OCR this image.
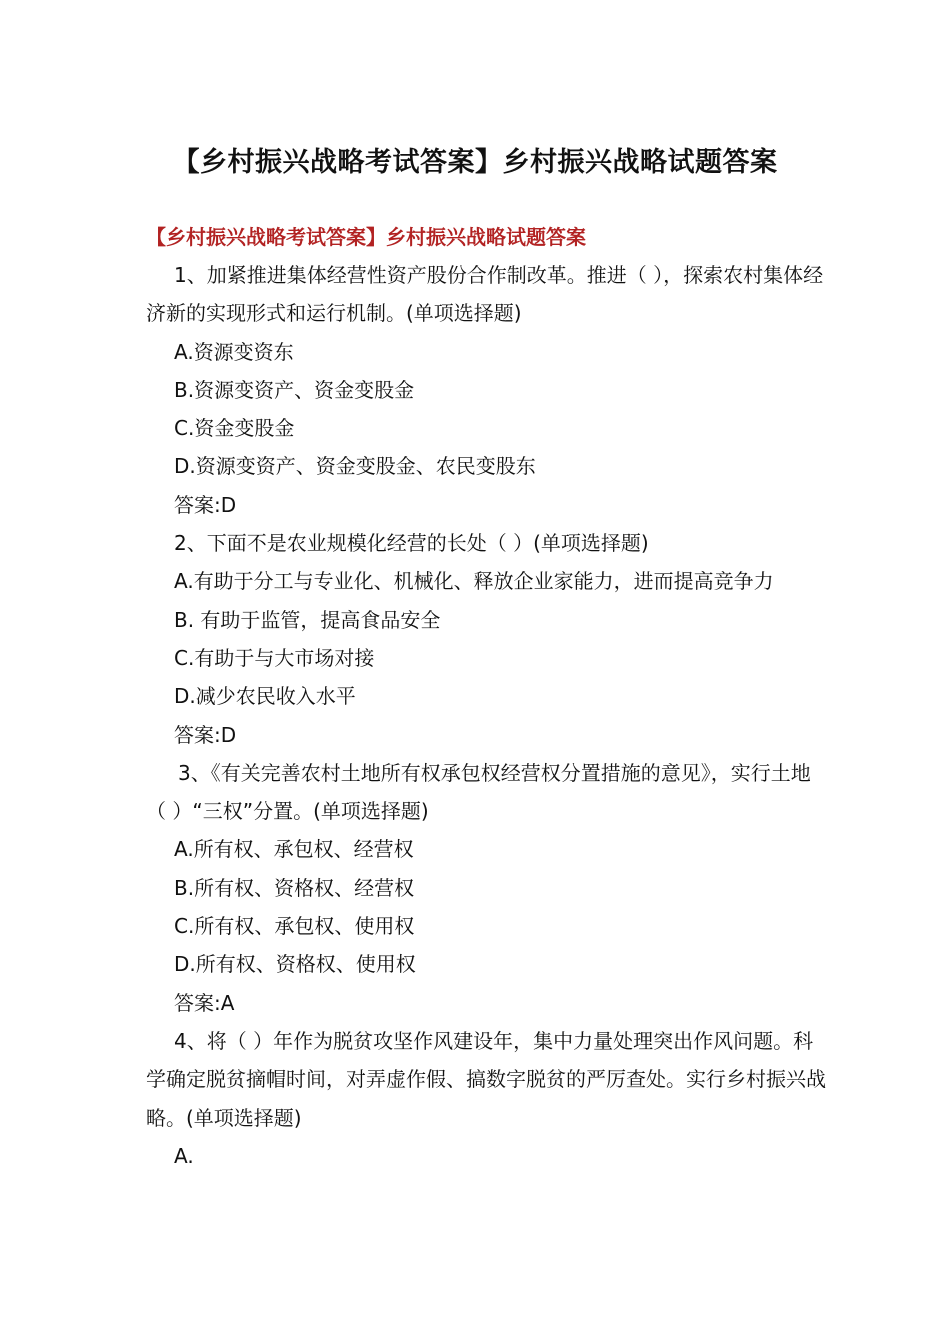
【乡村振兴战略考试答案】乡村振兴战略试题答案
【乡村振兴战略考试答案】乡村振兴战略试题答案

1、加紧推进集体经营性资产股份合作制改革。推进（ ），探索农村集体经济新的实现形式和运行机制。(单项选择题)

A.资源变资东
B.资源变资产、资金变股金
C.资金变股金
D.资源变资产、资金变股金、农民变股东
答案:D

2、下面不是农业规模化经营的长处（ ）(单项选择题)

A.有助于分工与专业化、机械化、释放企业家能力，进而提高竞争力

B. 有助于监管，提高食品安全
C.有助于与大市场对接
D.减少农民收入水平
答案:D

3、《有关完善农村土地所有权承包权经营权分置措施的意见》，实行土地（ ）“三权”分置。(单项选择题)

A.所有权、承包权、经营权
B.所有权、资格权、经营权
C.所有权、承包权、使用权
D.所有权、资格权、使用权
答案:A

4、将（ ）年作为脱贫攻坚作风建设年，集中力量处理突出作风问题。科学确定脱贫摘帽时间，对弄虚作假、搞数字脱贫的严厉查处。实行乡村振兴战略。(单项选择题)

A.
